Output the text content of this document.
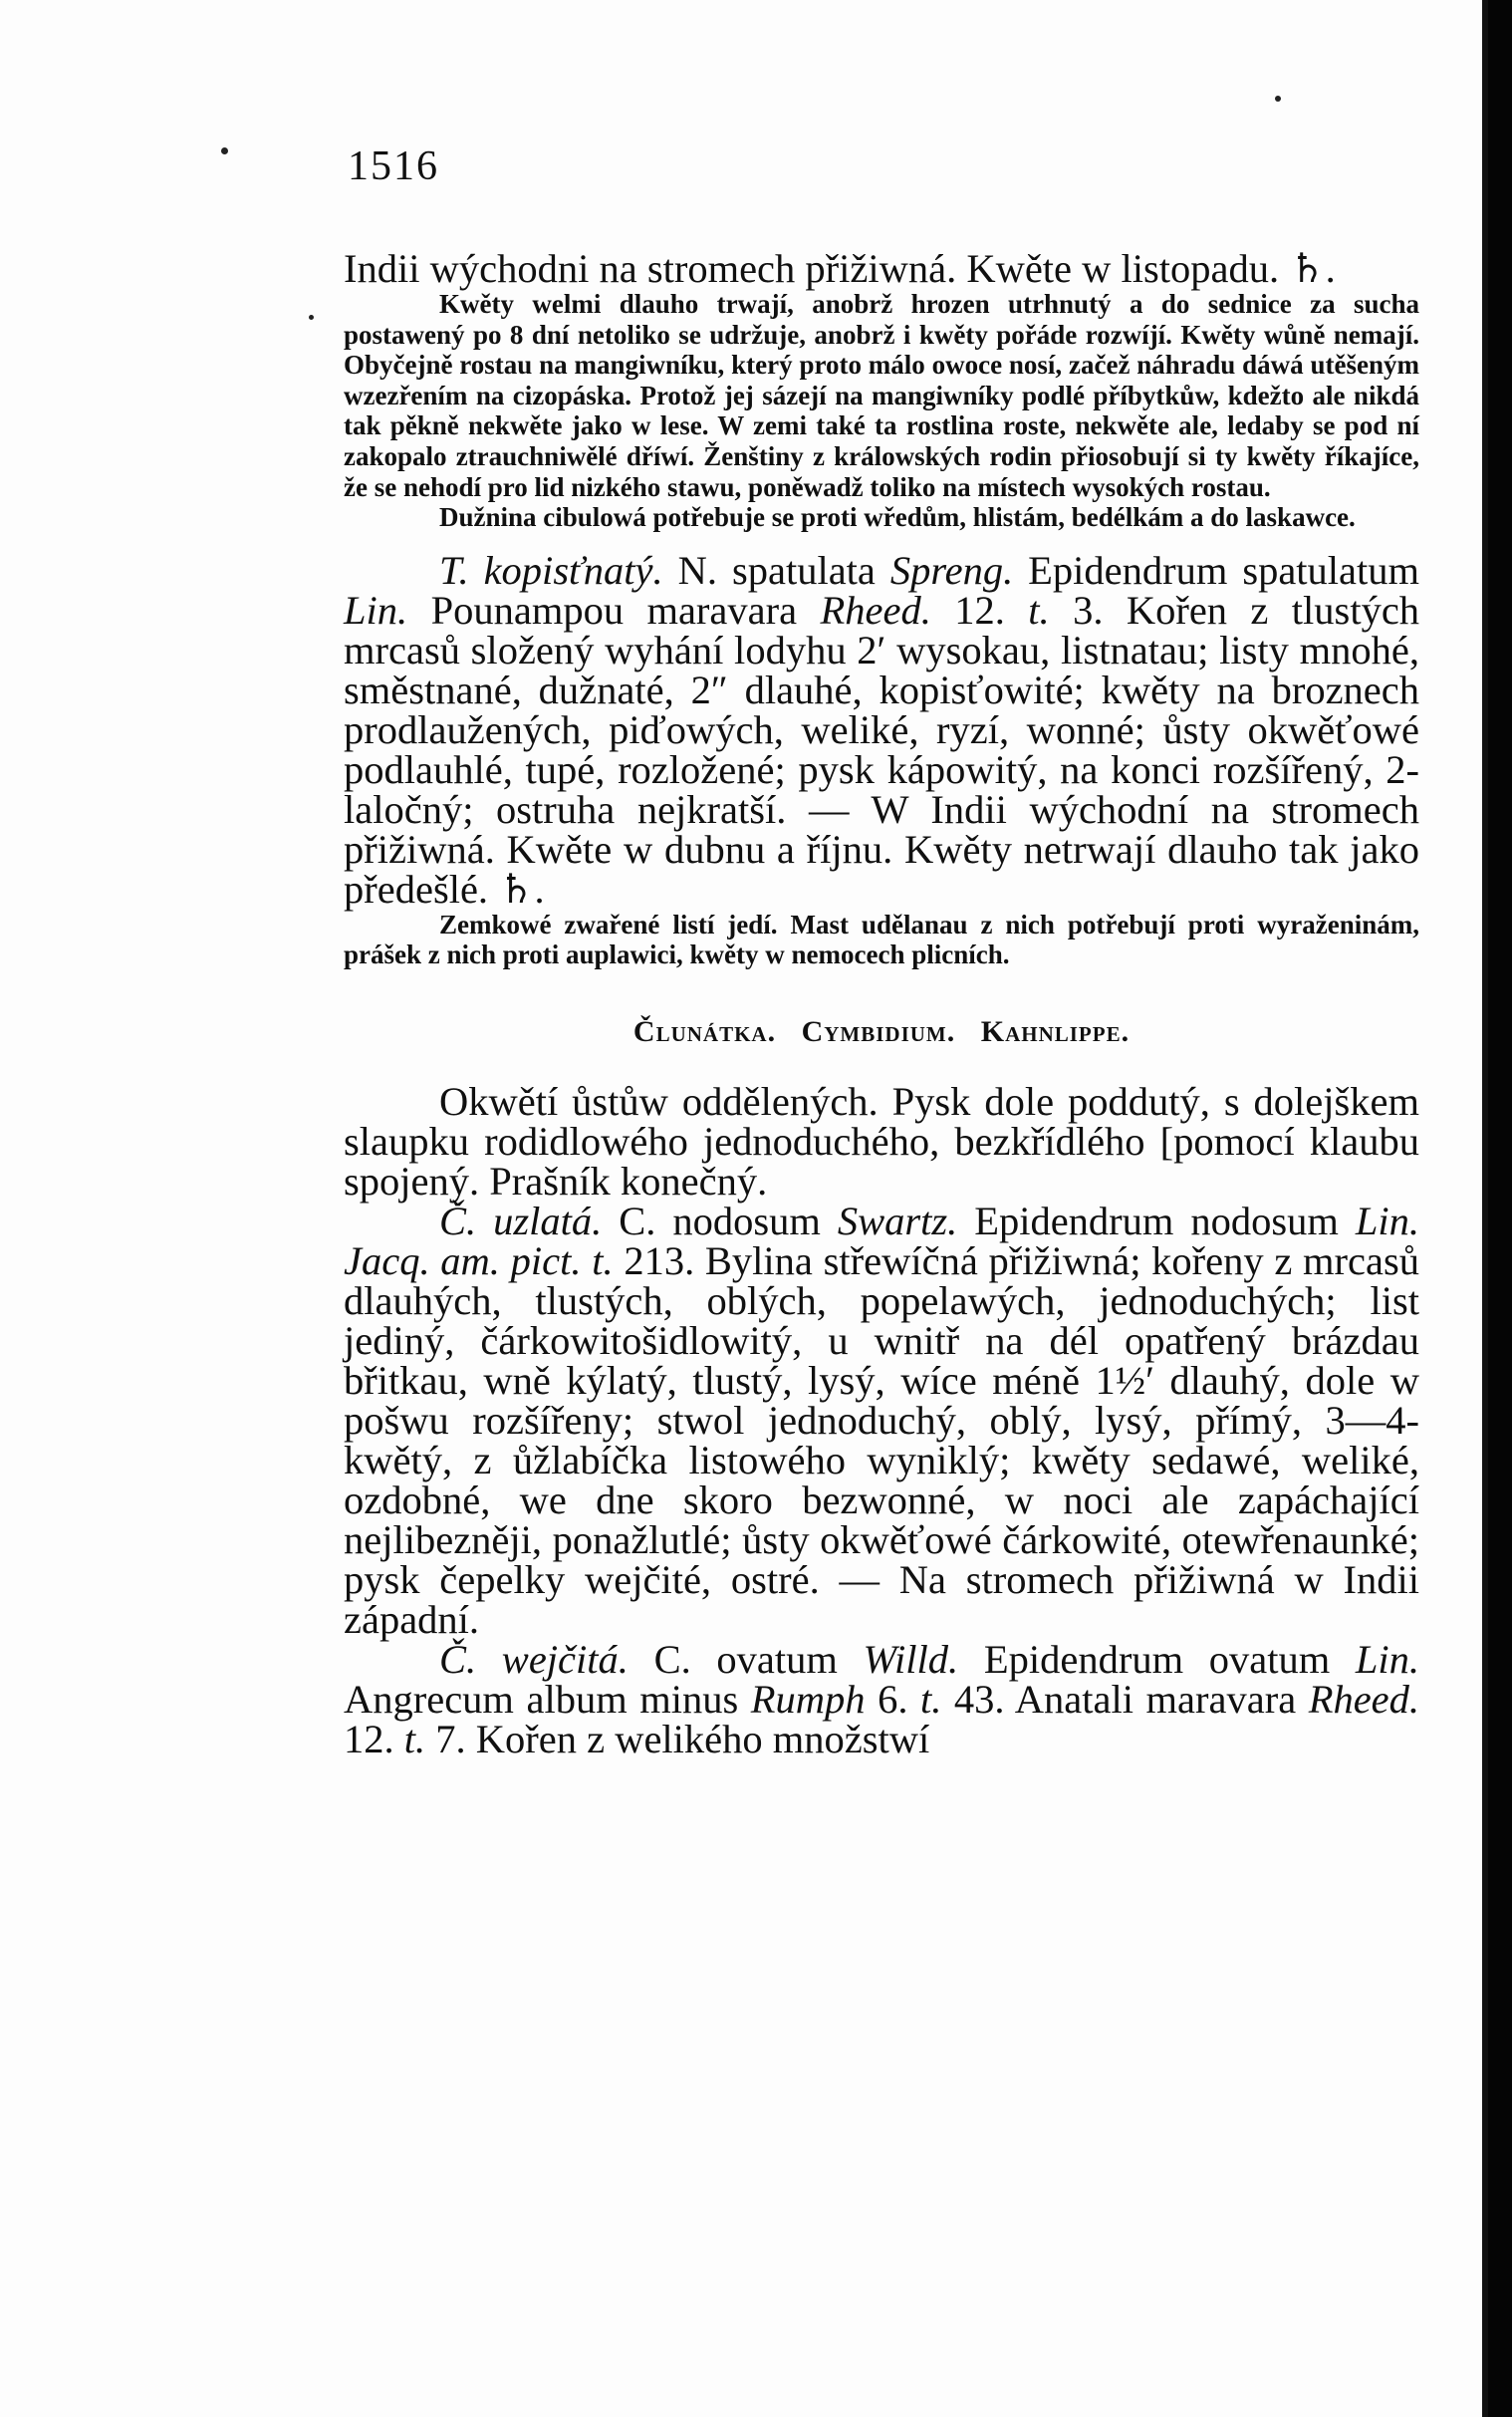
1516

Indii wýchodni na stromech přižiwná. Kwěte w listopadu. ♄.

Kwěty welmi dlauho trwají, anobrž hrozen utrhnutý a do sednice za sucha postawený po 8 dní netoliko se udržuje, anobrž i kwěty pořáde rozwíjí. Kwěty wůně nemají. Obyčejně rostau na mangiwníku, který proto málo owoce nosí, začež náhradu dáwá utěšeným wzezřením na cizopáska. Protož jej sázejí na mangiwníky podlé příbytkůw, kdežto ale nikdá tak pěkně nekwěte jako w lese. W zemi také ta rostlina roste, nekwěte ale, ledaby se pod ní zakopalo ztrauchniwělé dříwí. Ženštiny z králowských rodin přiosobují si ty kwěty říkajíce, že se nehodí pro lid nizkého stawu, poněwadž toliko na místech wysokých rostau.

Dužnina cibulowá potřebuje se proti wředům, hlistám, bedélkám a do laskawce.

T. kopisťnatý. N. spatulata Spreng. Epidendrum spatulatum Lin. Pounampou maravara Rheed. 12. t. 3. Kořen z tlustých mrcasů složený wyhání lodyhu 2′ wysokau, listnatau; listy mnohé, směstnané, dužnaté, 2″ dlauhé, kopisťowité; kwěty na broznech prodlaužených, piďowých, weliké, ryzí, wonné; ůsty okwěťowé podlauhlé, tupé, rozložené; pysk kápowitý, na konci rozšířený, 2-laločný; ostruha nejkratší. — W Indii wýchodní na stromech přižiwná. Kwěte w dubnu a říjnu. Kwěty netrwají dlauho tak jako předešlé. ♄.

Zemkowé zwařené listí jedí. Mast udělanau z nich potřebují proti wyraženinám, prášek z nich proti auplawici, kwěty w nemocech plicních.

Člunátka. Cymbidium. Kahnlippe.

Okwětí ůstůw oddělených. Pysk dole poddutý, s dolejškem slaupku rodidlowého jednoduchého, bezkřídlého [pomocí klaubu spojený. Prašník konečný.

Č. uzlatá. C. nodosum Swartz. Epidendrum nodosum Lin. Jacq. am. pict. t. 213. Bylina střewíčná přižiwná; kořeny z mrcasů dlauhých, tlustých, oblých, popelawých, jednoduchých; list jediný, čárkowitošidlowitý, u wnitř na dél opatřený brázdau břitkau, wně kýlatý, tlustý, lysý, wíce méně 1½′ dlauhý, dole w pošwu rozšířeny; stwol jednoduchý, oblý, lysý, přímý, 3—4-kwětý, z ůžlabíčka listowého wyniklý; kwěty sedawé, weliké, ozdobné, we dne skoro bezwonné, w noci ale zapáchající nejlibezněji, ponažlutlé; ůsty okwěťowé čárkowité, otewřenaunké; pysk čepelky wejčité, ostré. — Na stromech přižiwná w Indii západní.

Č. wejčitá. C. ovatum Willd. Epidendrum ovatum Lin. Angrecum album minus Rumph 6. t. 43. Anatali maravara Rheed. 12. t. 7. Kořen z welikého množstwí
